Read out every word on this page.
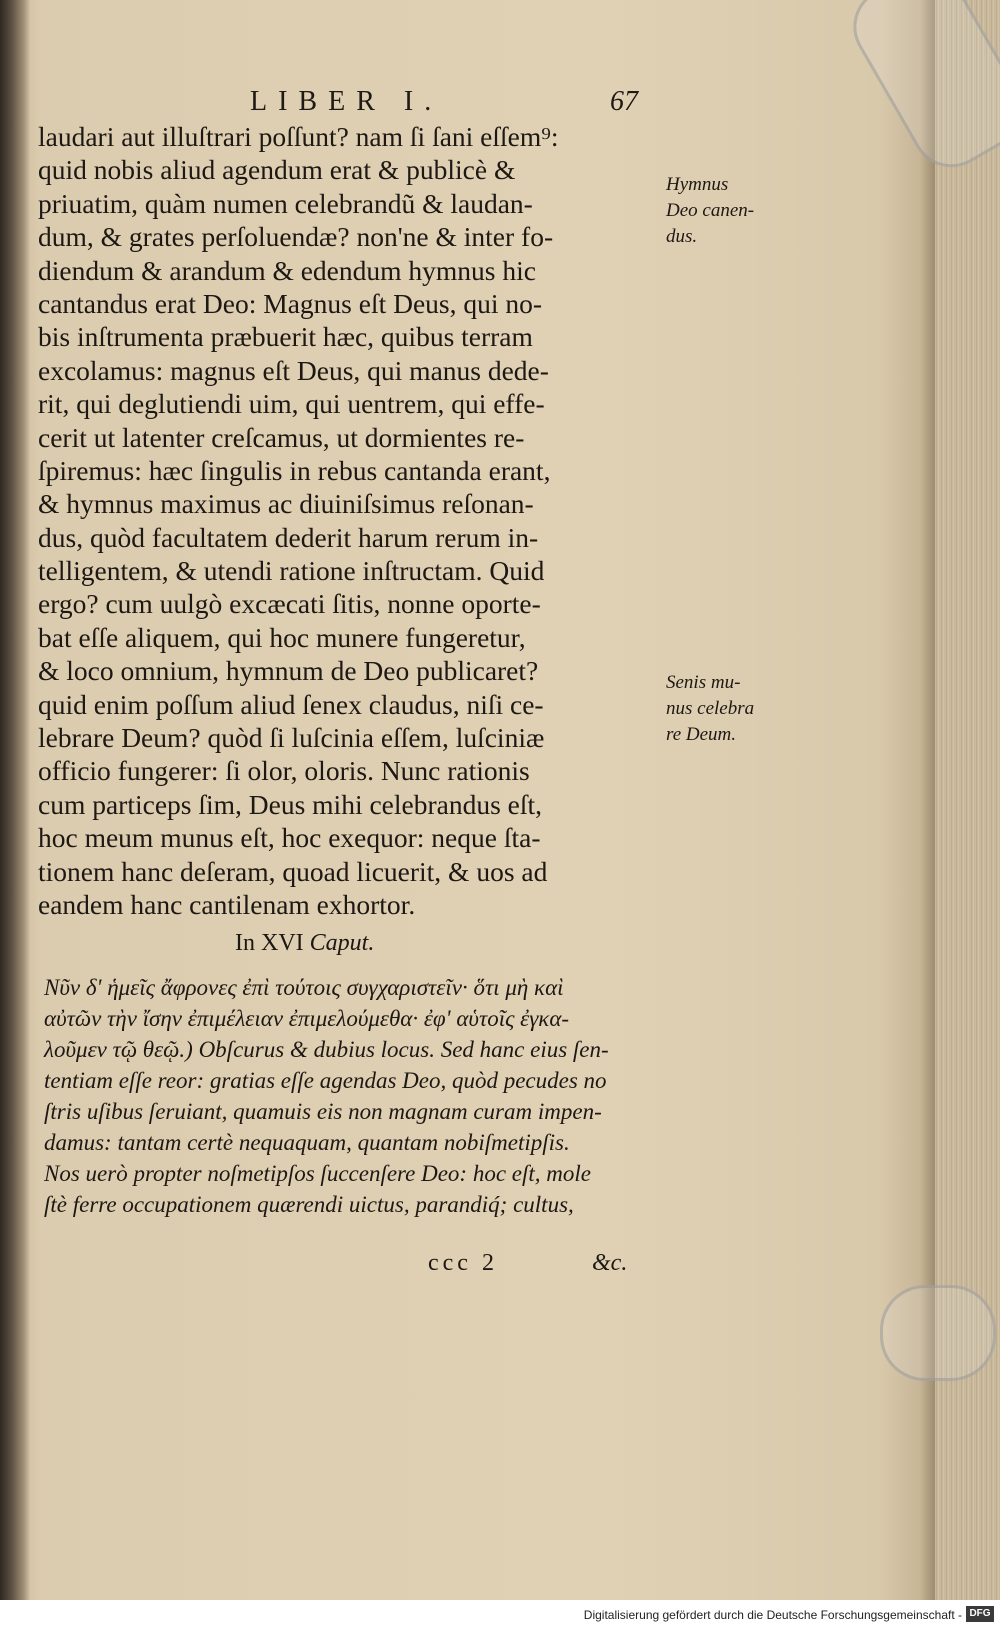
LIBER I.	67
laudari aut illuſtrari poſſunt? nam ſi ſani eſſem⁹:
quid nobis aliud agendum erat & publicè &
priuatim, quàm numen celebrandũ & laudan-
dum, & grates perſoluendæ? non'ne & inter fo-
diendum & arandum & edendum hymnus hic
cantandus erat Deo: Magnus eſt Deus, qui no-
bis inſtrumenta præbuerit hæc, quibus terram
excolamus: magnus eſt Deus, qui manus dede-
rit, qui deglutiendi uim, qui uentrem, qui effe-
cerit ut latenter creſcamus, ut dormientes re-
ſpiremus: hæc ſingulis in rebus cantanda erant,
& hymnus maximus ac diuiniſsimus reſonan-
dus, quòd facultatem dederit harum rerum in-
telligentem, & utendi ratione inſtructam. Quid
ergo? cum uulgò excæcati ſitis, nonne oporte-
bat eſſe aliquem, qui hoc munere fungeretur,
& loco omnium, hymnum de Deo publicaret?
quid enim poſſum aliud ſenex claudus, niſi ce-
lebrare Deum? quòd ſi luſcinia eſſem, luſciniæ
officio fungerer: ſi olor, oloris. Nunc rationis
cum particeps ſim, Deus mihi celebrandus eſt,
hoc meum munus eſt, hoc exequor: neque ſta-
tionem hanc deſeram, quoad licuerit, & uos ad
eandem hanc cantilenam exhortor.
Hymnus
Deo canen-
dus.
Senis mu-
nus celebra
re Deum.
In XVI Caput.
Νῦν δ' ἡμεῖς ἄφρονες ἐπὶ τούτοις συγχαριστεῖν· ὅτι μὴ καὶ
αὐτῶν τὴν ἴσην ἐπιμέλειαν ἐπιμελούμεθα· ἐφ' αὑτοῖς ἐγκα-
λοῦμεν τῷ θεῷ.) Obſcurus & dubius locus. Sed hanc eius ſen-
tentiam eſſe reor: gratias eſſe agendas Deo, quòd pecudes no
ſtris uſibus ſeruiant, quamuis eis non magnam curam impen-
damus: tantam certè nequaquam, quantam nobiſmetipſis.
Nos uerò propter noſmetipſos ſuccenſere Deo: hoc eſt, mole
ſtè ferre occupationem quærendi uictus, parandiq́; cultus,
ccc 2	&c.
Digitalisierung gefördert durch die Deutsche Forschungsgemeinschaft - DFG
